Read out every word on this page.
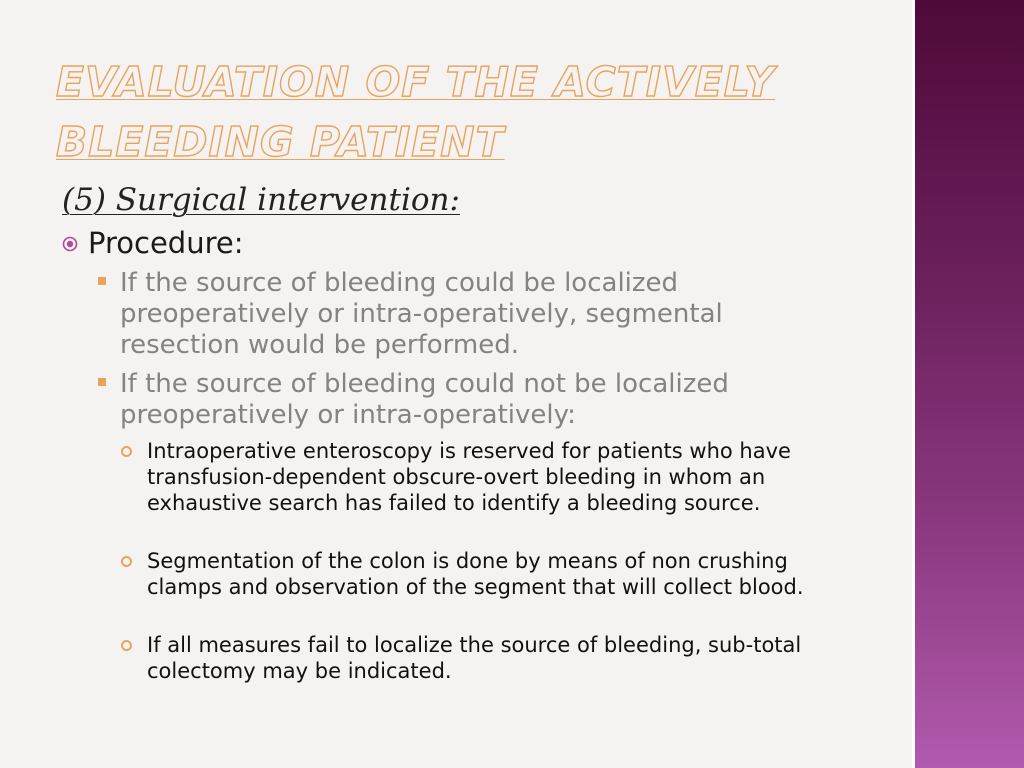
EVALUATION OF THE ACTIVELY BLEEDING PATIENT
(5) Surgical intervention:
Procedure:
If the source of bleeding could be localized preoperatively or intra-operatively, segmental resection would be performed.
If the source of bleeding could not be localized preoperatively or intra-operatively:
Intraoperative enteroscopy is reserved for patients who have transfusion-dependent obscure-overt bleeding in whom an exhaustive search has failed to identify a bleeding source.
Segmentation of the colon is done by means of non crushing clamps and observation of the segment that will collect blood.
If all measures fail to localize the source of bleeding, sub-total colectomy may be indicated.
